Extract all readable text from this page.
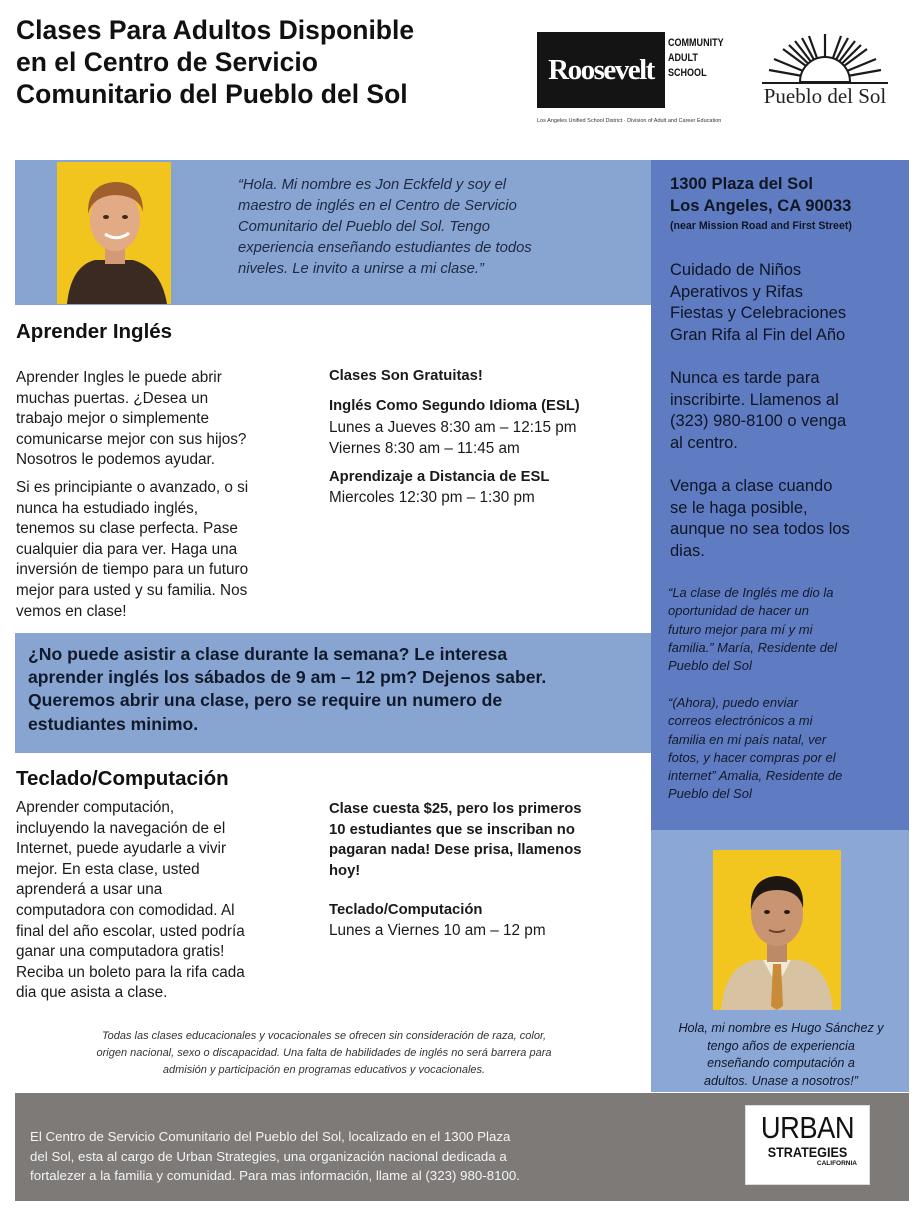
Clases Para Adultos Disponible
en el Centro de Servicio
Comunitario del Pueblo del Sol
Roosevelt
COMMUNITY
ADULT
SCHOOL
Los Angeles Unified School District · Division of Adult and Career Education
Pueblo del Sol
“Hola. Mi nombre es Jon Eckfeld y soy el
maestro de inglés en el Centro de Servicio
Comunitario del Pueblo del Sol. Tengo
experiencia enseñando estudiantes de todos
niveles. Le invito a unirse a mi clase.”
1300 Plaza del Sol
Los Angeles, CA 90033
(near Mission Road and First Street)
Cuidado de Niños
Aperativos y Rifas
Fiestas y Celebraciones
Gran Rifa al Fin del Año
Nunca es tarde para
inscribirte. Llamenos al
(323) 980-8100 o venga
al centro.
Venga a clase cuando
se le haga posible,
aunque no sea todos los
dias.
“La clase de Inglés me dio la
oportunidad de hacer un
futuro mejor para mí y mi
familia.” María, Residente del
Pueblo del Sol
“(Ahora), puedo enviar
correos electrónicos a mi
familia en mi país natal, ver
fotos, y hacer compras por el
internet” Amalia, Residente de
Pueblo del Sol
Hola, mi nombre es Hugo Sánchez y
tengo años de experiencia
enseñando computación a
adultos. Unase a nosotros!”
Aprender Inglés
Aprender Ingles le puede abrir
muchas puertas. ¿Desea un
trabajo mejor o simplemente
comunicarse mejor con sus hijos?
Nosotros le podemos ayudar.
Si es principiante o avanzado, o si
nunca ha estudiado inglés,
tenemos su clase perfecta. Pase
cualquier dia para ver. Haga una
inversión de tiempo para un futuro
mejor para usted y su familia. Nos
vemos en clase!
Clases Son Gratuitas!
Inglés Como Segundo Idioma (ESL)
Lunes a Jueves 8:30 am – 12:15 pm
Viernes 8:30 am – 11:45 am
Aprendizaje a Distancia de ESL
Miercoles 12:30 pm – 1:30 pm
¿No puede asistir a clase durante la semana? Le interesa
aprender inglés los sábados de 9 am – 12 pm? Dejenos saber.
Queremos abrir una clase, pero se require un numero de
estudiantes minimo.
Teclado/Computación
Aprender computación,
incluyendo la navegación de el
Internet, puede ayudarle a vivir
mejor. En esta clase, usted
aprenderá a usar una
computadora con comodidad. Al
final del año escolar, usted podría
ganar una computadora gratis!
Reciba un boleto para la rifa cada
dia que asista a clase.
Clase cuesta $25, pero los primeros
10 estudiantes que se inscriban no
pagaran nada! Dese prisa, llamenos
hoy!
Teclado/Computación
Lunes a Viernes 10 am – 12 pm
Todas las clases educacionales y vocacionales se ofrecen sin consideración de raza, color,
origen nacional, sexo o discapacidad. Una falta de habilidades de inglés no será barrera para
admisión y participación en programas educativos y vocacionales.
El Centro de Servicio Comunitario del Pueblo del Sol, localizado en el 1300 Plaza
del Sol, esta al cargo de Urban Strategies, una organización nacional dedicada a
fortalezer a la familia y comunidad. Para mas información, llame al (323) 980-8100.
URBAN
STRATEGIES
CALIFORNIA
